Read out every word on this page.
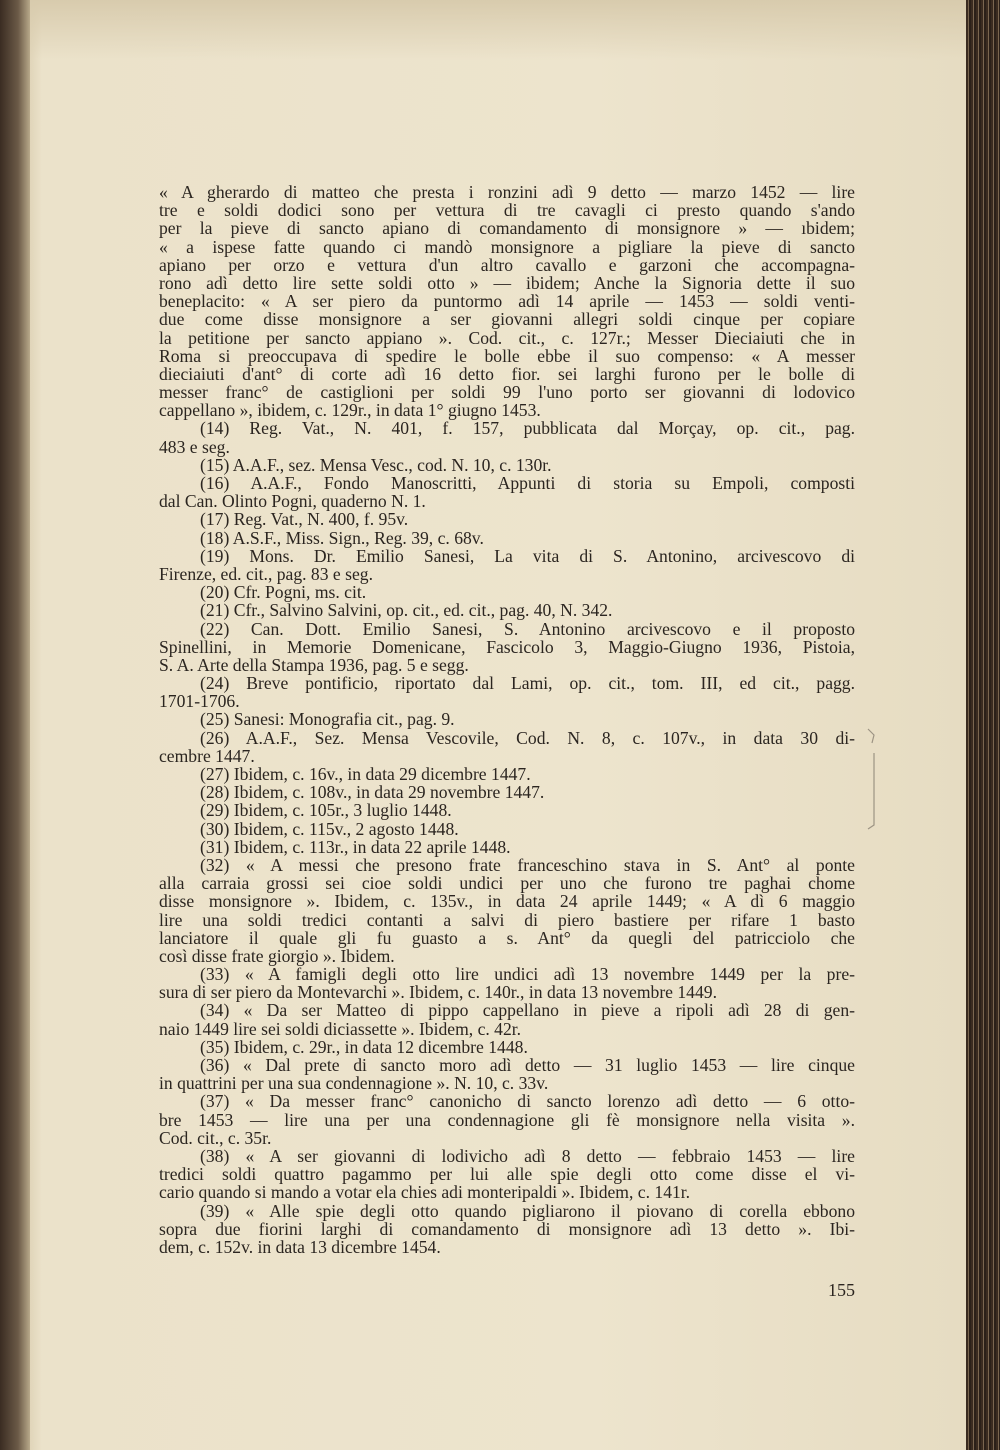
« A gherardo di matteo che presta i ronzini adì 9 detto — marzo 1452 — lire
tre e soldi dodici sono per vettura di tre cavagli ci presto quando s'ando
per la pieve di sancto apiano di comandamento di monsignore » — ıbidem;
« a ispese fatte quando ci mandò monsignore a pigliare la pieve di sancto
apiano per orzo e vettura d'un altro cavallo e garzoni che accompagna-
rono adì detto lire sette soldi otto » — ibidem; Anche la Signoria dette il suo
beneplacito: « A ser piero da puntormo adì 14 aprile — 1453 — soldi venti-
due come disse monsignore a ser giovanni allegri soldi cinque per copiare
la petitione per sancto appiano ». Cod. cit., c. 127r.; Messer Dieciaiuti che in
Roma si preoccupava di spedire le bolle ebbe il suo compenso: « A messer
dieciaiuti d'ant° di corte adì 16 detto fior. sei larghi furono per le bolle di
messer franc° de castiglioni per soldi 99 l'uno porto ser giovanni di lodovico
cappellano », ibidem, c. 129r., in data 1° giugno 1453.
(14) Reg. Vat., N. 401, f. 157, pubblicata dal Morçay, op. cit., pag.
483 e seg.
(15) A.A.F., sez. Mensa Vesc., cod. N. 10, c. 130r.
(16) A.A.F., Fondo Manoscritti, Appunti di storia su Empoli, composti
dal Can. Olinto Pogni, quaderno N. 1.
(17) Reg. Vat., N. 400, f. 95v.
(18) A.S.F., Miss. Sign., Reg. 39, c. 68v.
(19) Mons. Dr. Emilio Sanesi, La vita di S. Antonino, arcivescovo di
Firenze, ed. cit., pag. 83 e seg.
(20) Cfr. Pogni, ms. cit.
(21) Cfr., Salvino Salvini, op. cit., ed. cit., pag. 40, N. 342.
(22) Can. Dott. Emilio Sanesi, S. Antonino arcivescovo e il proposto
Spinellini, in Memorie Domenicane, Fascicolo 3, Maggio-Giugno 1936, Pistoia,
S. A. Arte della Stampa 1936, pag. 5 e segg.
(24) Breve pontificio, riportato dal Lami, op. cit., tom. III, ed cit., pagg.
1701-1706.
(25) Sanesi: Monografia cit., pag. 9.
(26) A.A.F., Sez. Mensa Vescovile, Cod. N. 8, c. 107v., in data 30 di-
cembre 1447.
(27) Ibidem, c. 16v., in data 29 dicembre 1447.
(28) Ibidem, c. 108v., in data 29 novembre 1447.
(29) Ibidem, c. 105r., 3 luglio 1448.
(30) Ibidem, c. 115v., 2 agosto 1448.
(31) Ibidem, c. 113r., in data 22 aprile 1448.
(32) « A messi che presono frate franceschino stava in S. Ant° al ponte
alla carraia grossi sei cioe soldi undici per uno che furono tre paghai chome
disse monsignore ». Ibidem, c. 135v., in data 24 aprile 1449; « A dì 6 maggio
lire una soldi tredici contanti a salvi di piero bastiere per rifare 1 basto
lanciatore il quale gli fu guasto a s. Ant° da quegli del patricciolo che
così disse frate giorgio ». Ibidem.
(33) « A famigli degli otto lire undici adì 13 novembre 1449 per la pre-
sura di ser piero da Montevarchi ». Ibidem, c. 140r., in data 13 novembre 1449.
(34) « Da ser Matteo di pippo cappellano in pieve a ripoli adì 28 di gen-
naio 1449 lire sei soldi diciassette ». Ibidem, c. 42r.
(35) Ibidem, c. 29r., in data 12 dicembre 1448.
(36) « Dal prete di sancto moro adì detto — 31 luglio 1453 — lire cinque
in quattrini per una sua condennagione ». N. 10, c. 33v.
(37) « Da messer franc° canonicho di sancto lorenzo adì detto — 6 otto-
bre 1453 — lire una per una condennagione gli fè monsignore nella visita ».
Cod. cit., c. 35r.
(38) « A ser giovanni di lodivicho adì 8 detto — febbraio 1453 — lire
tredici soldi quattro pagammo per lui alle spie degli otto come disse el vi-
cario quando si mando a votar ela chies adi monteripaldi ». Ibidem, c. 141r.
(39) « Alle spie degli otto quando pigliarono il piovano di corella ebbono
sopra due fiorini larghi di comandamento di monsignore adì 13 detto ». Ibi-
dem, c. 152v. in data 13 dicembre 1454.
155
